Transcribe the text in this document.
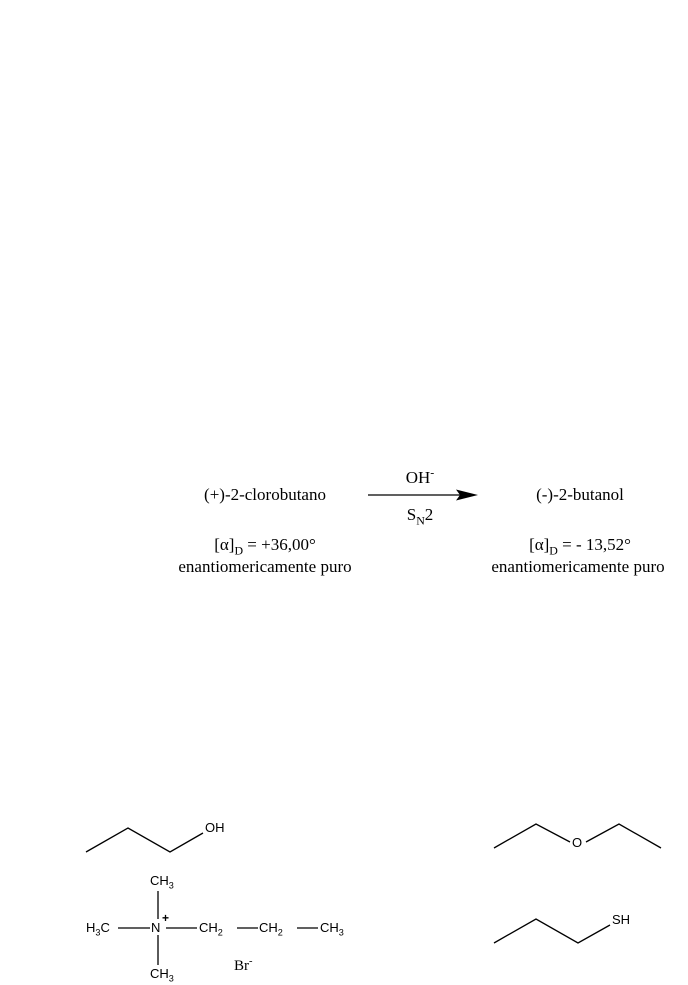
(+)-2-clorobutano
$[\alpha]_D = +36,00^\circ$
enantiomericamente puro
OH-
$S_N2$
(-)-2-butanol
$[\alpha]_D$ = - 13,52°
enantiomericamente puro
OH
O
SH
$CH_3$
$H_3C$	N
+
$CH_2$	$CH_2$	$CH_3$
$CH_3$
Br-
